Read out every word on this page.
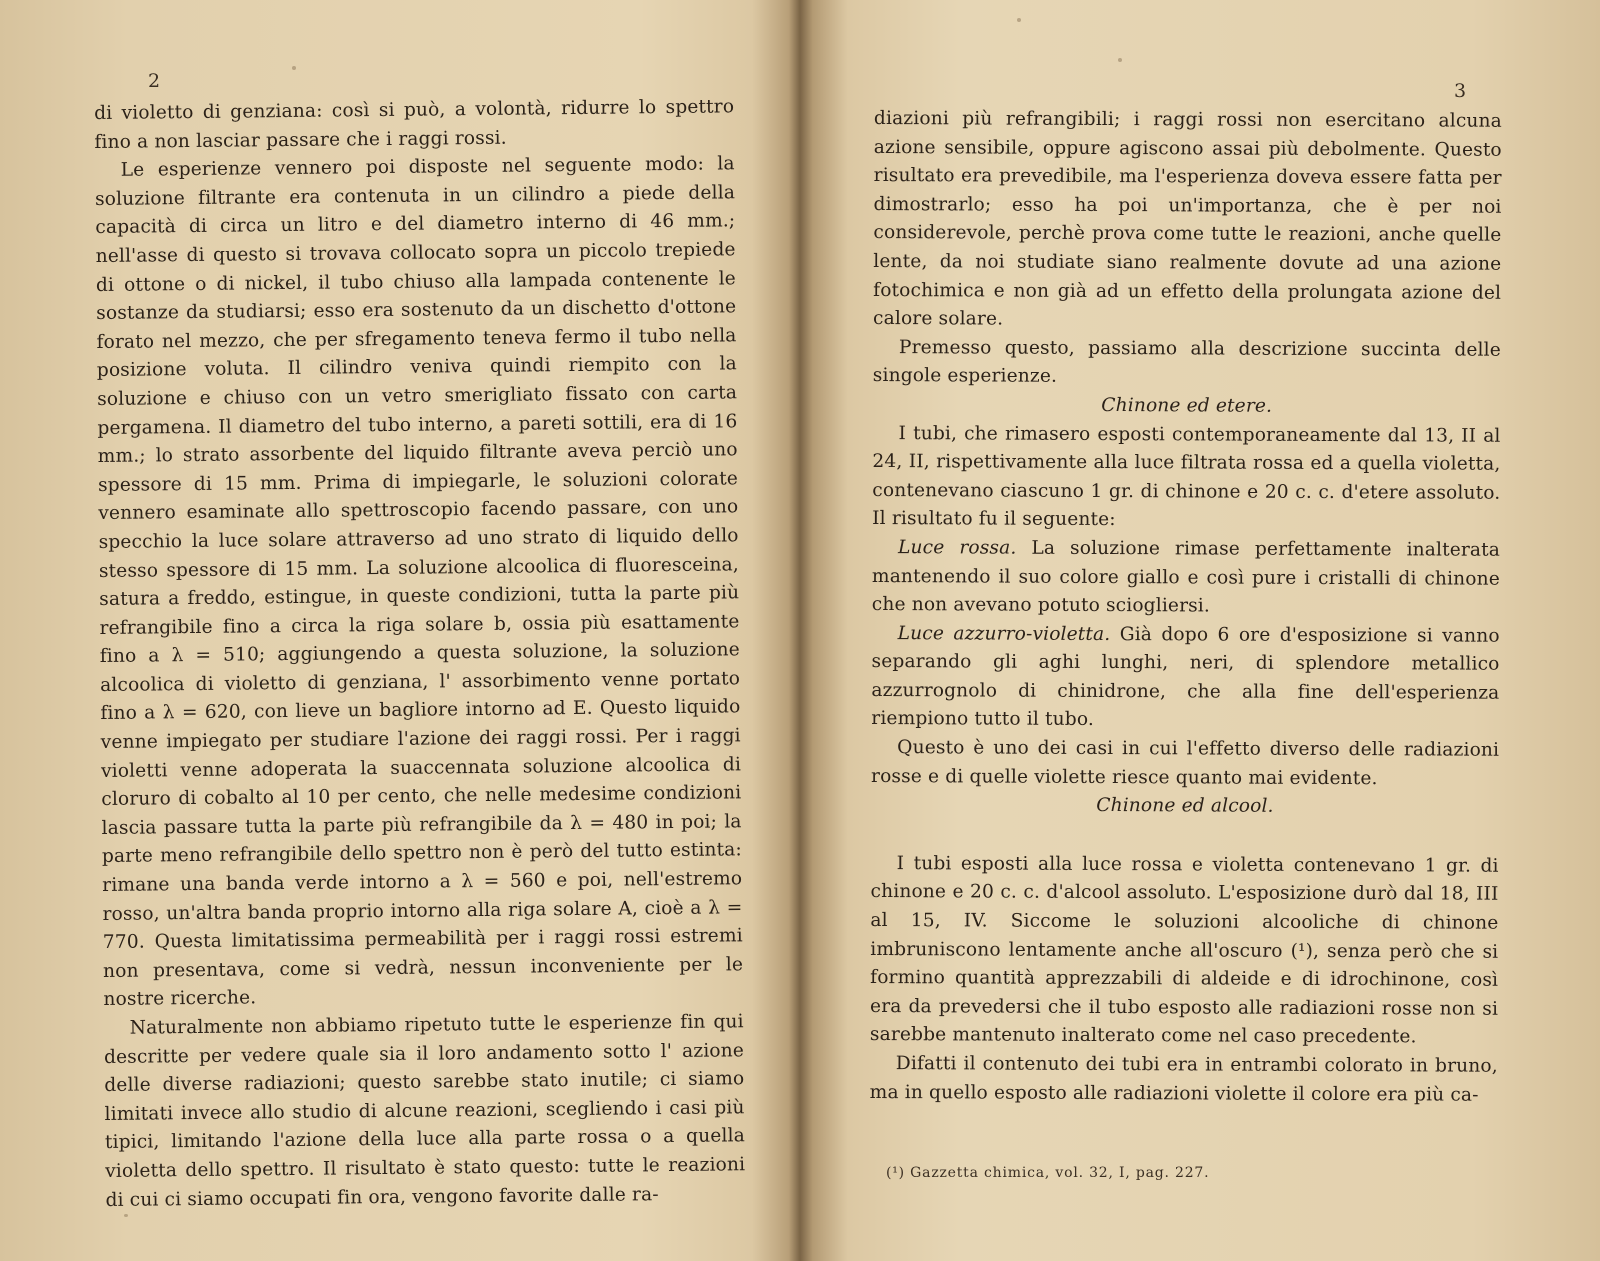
2

di violetto di genziana: così si può, a volontà, ridurre lo spettro fino a non lasciar passare che i raggi rossi.

Le esperienze vennero poi disposte nel seguente modo: la soluzione filtrante era contenuta in un cilindro a piede della capacità di circa un litro e del diametro interno di 46 mm.; nell'asse di questo si trovava collocato sopra un piccolo trepiede di ottone o di nickel, il tubo chiuso alla lampada contenente le sostanze da studiarsi; esso era sostenuto da un dischetto d'ottone forato nel mezzo, che per sfregamento teneva fermo il tubo nella posizione voluta. Il cilindro veniva quindi riempito con la soluzione e chiuso con un vetro smerigliato fissato con carta pergamena. Il diametro del tubo interno, a pareti sottili, era di 16 mm.; lo strato assorbente del liquido filtrante aveva perciò uno spessore di 15 mm. Prima di impiegarle, le soluzioni colorate vennero esaminate allo spettroscopio facendo passare, con uno specchio la luce solare attraverso ad uno strato di liquido dello stesso spessore di 15 mm. La soluzione alcoolica di fluoresceina, satura a freddo, estingue, in queste condizioni, tutta la parte più refrangibile fino a circa la riga solare b, ossia più esattamente fino a λ = 510; aggiungendo a questa soluzione, la soluzione alcoolica di violetto di genziana, l' assorbimento venne portato fino a λ = 620, con lieve un bagliore intorno ad E. Questo liquido venne impiegato per studiare l'azione dei raggi rossi. Per i raggi violetti venne adoperata la suaccennata soluzione alcoolica di cloruro di cobalto al 10 per cento, che nelle medesime condizioni lascia passare tutta la parte più refrangibile da λ = 480 in poi; la parte meno refrangibile dello spettro non è però del tutto estinta: rimane una banda verde intorno a λ = 560 e poi, nell'estremo rosso, un'altra banda proprio intorno alla riga solare A, cioè a λ = 770. Questa limitatissima permeabilità per i raggi rossi estremi non presentava, come si vedrà, nessun inconveniente per le nostre ricerche.

Naturalmente non abbiamo ripetuto tutte le esperienze fin qui descritte per vedere quale sia il loro andamento sotto l' azione delle diverse radiazioni; questo sarebbe stato inutile; ci siamo limitati invece allo studio di alcune reazioni, scegliendo i casi più tipici, limitando l'azione della luce alla parte rossa o a quella violetta dello spettro. Il risultato è stato questo: tutte le reazioni di cui ci siamo occupati fin ora, vengono favorite dalle ra-

3

diazioni più refrangibili; i raggi rossi non esercitano alcuna azione sensibile, oppure agiscono assai più debolmente. Questo risultato era prevedibile, ma l'esperienza doveva essere fatta per dimostrarlo; esso ha poi un'importanza, che è per noi considerevole, perchè prova come tutte le reazioni, anche quelle lente, da noi studiate siano realmente dovute ad una azione fotochimica e non già ad un effetto della prolungata azione del calore solare.

Premesso questo, passiamo alla descrizione succinta delle singole esperienze.

Chinone ed etere.

I tubi, che rimasero esposti contemporaneamente dal 13, II al 24, II, rispettivamente alla luce filtrata rossa ed a quella violetta, contenevano ciascuno 1 gr. di chinone e 20 c. c. d'etere assoluto. Il risultato fu il seguente:

Luce rossa. La soluzione rimase perfettamente inalterata mantenendo il suo colore giallo e così pure i cristalli di chinone che non avevano potuto sciogliersi.

Luce azzurro-violetta. Già dopo 6 ore d'esposizione si vanno separando gli aghi lunghi, neri, di splendore metallico azzurrognolo di chinidrone, che alla fine dell'esperienza riempiono tutto il tubo.

Questo è uno dei casi in cui l'effetto diverso delle radiazioni rosse e di quelle violette riesce quanto mai evidente.

Chinone ed alcool.

I tubi esposti alla luce rossa e violetta contenevano 1 gr. di chinone e 20 c. c. d'alcool assoluto. L'esposizione durò dal 18, III al 15, IV. Siccome le soluzioni alcooliche di chinone imbruniscono lentamente anche all'oscuro (¹), senza però che si formino quantità apprezzabili di aldeide e di idrochinone, così era da prevedersi che il tubo esposto alle radiazioni rosse non si sarebbe mantenuto inalterato come nel caso precedente.

Difatti il contenuto dei tubi era in entrambi colorato in bruno, ma in quello esposto alle radiazioni violette il colore era più ca-

(¹) Gazzetta chimica, vol. 32, I, pag. 227.
